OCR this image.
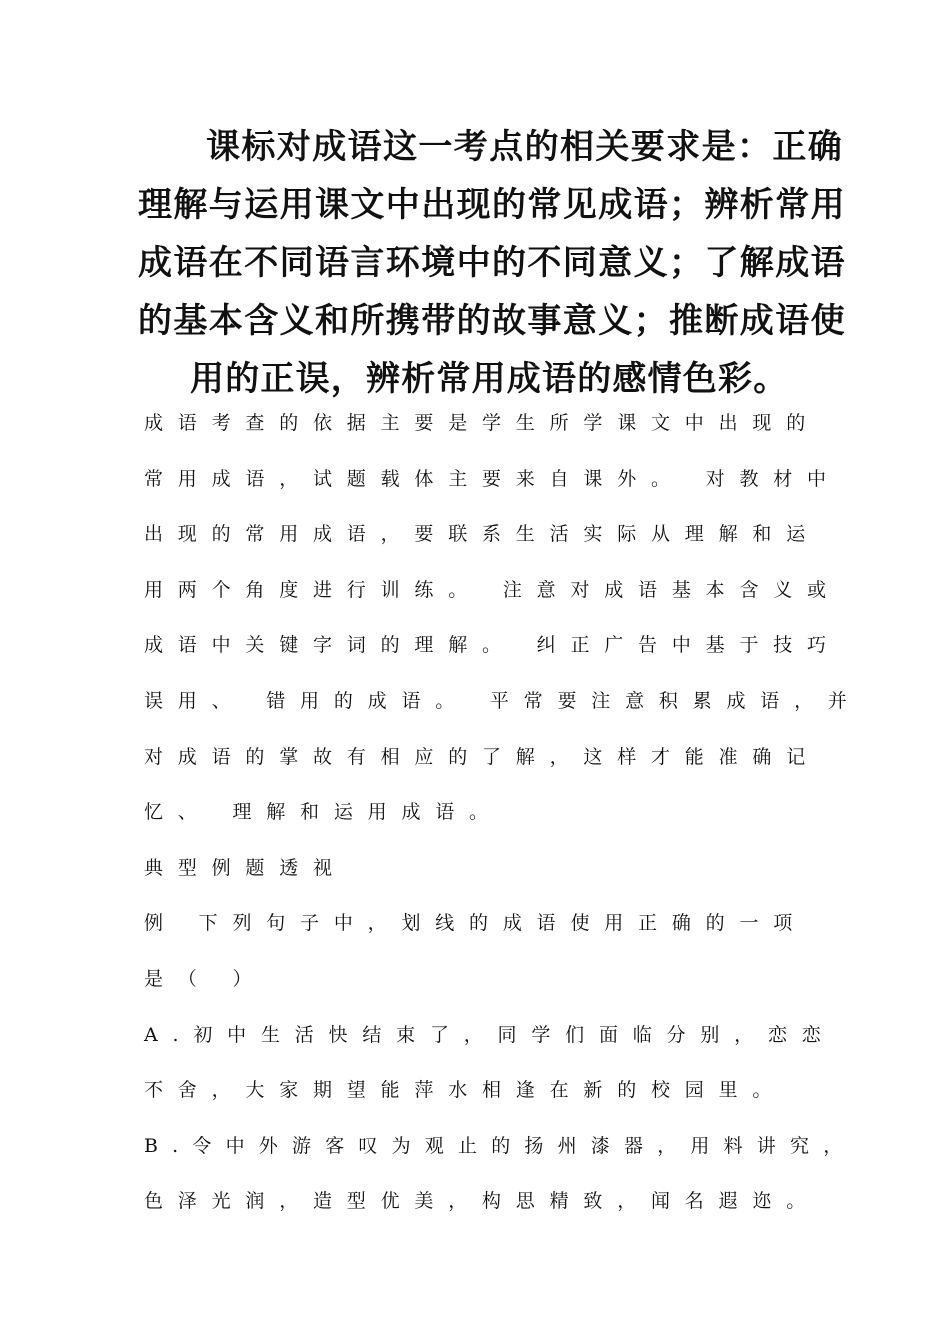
课标对成语这一考点的相关要求是：正确
理解与运用课文中出现的常见成语；辨析常用
成语在不同语言环境中的不同意义；了解成语
的基本含义和所携带的故事意义；推断成语使
用的正误，辨析常用成语的感情色彩。
成语考查的依据主要是学生所学课文中出现的
常用成语，试题载体主要来自课外。 对教材中
出现的常用成语，要联系生活实际从理解和运
用两个角度进行训练。 注意对成语基本含义或
成语中关键字词的理解。 纠正广告中基于技巧
误用、 错用的成语。 平常要注意积累成语，并
对成语的掌故有相应的了解，这样才能准确记
忆、 理解和运用成语。
典型例题透视
例 下列句子中，划线的成语使用正确的一项
是（ ）
A.初中生活快结束了，同学们面临分别，恋恋
不舍，大家期望能萍水相逢在新的校园里。
B.令中外游客叹为观止的扬州漆器，用料讲究，
色泽光润，造型优美，构思精致，闻名遐迩。
